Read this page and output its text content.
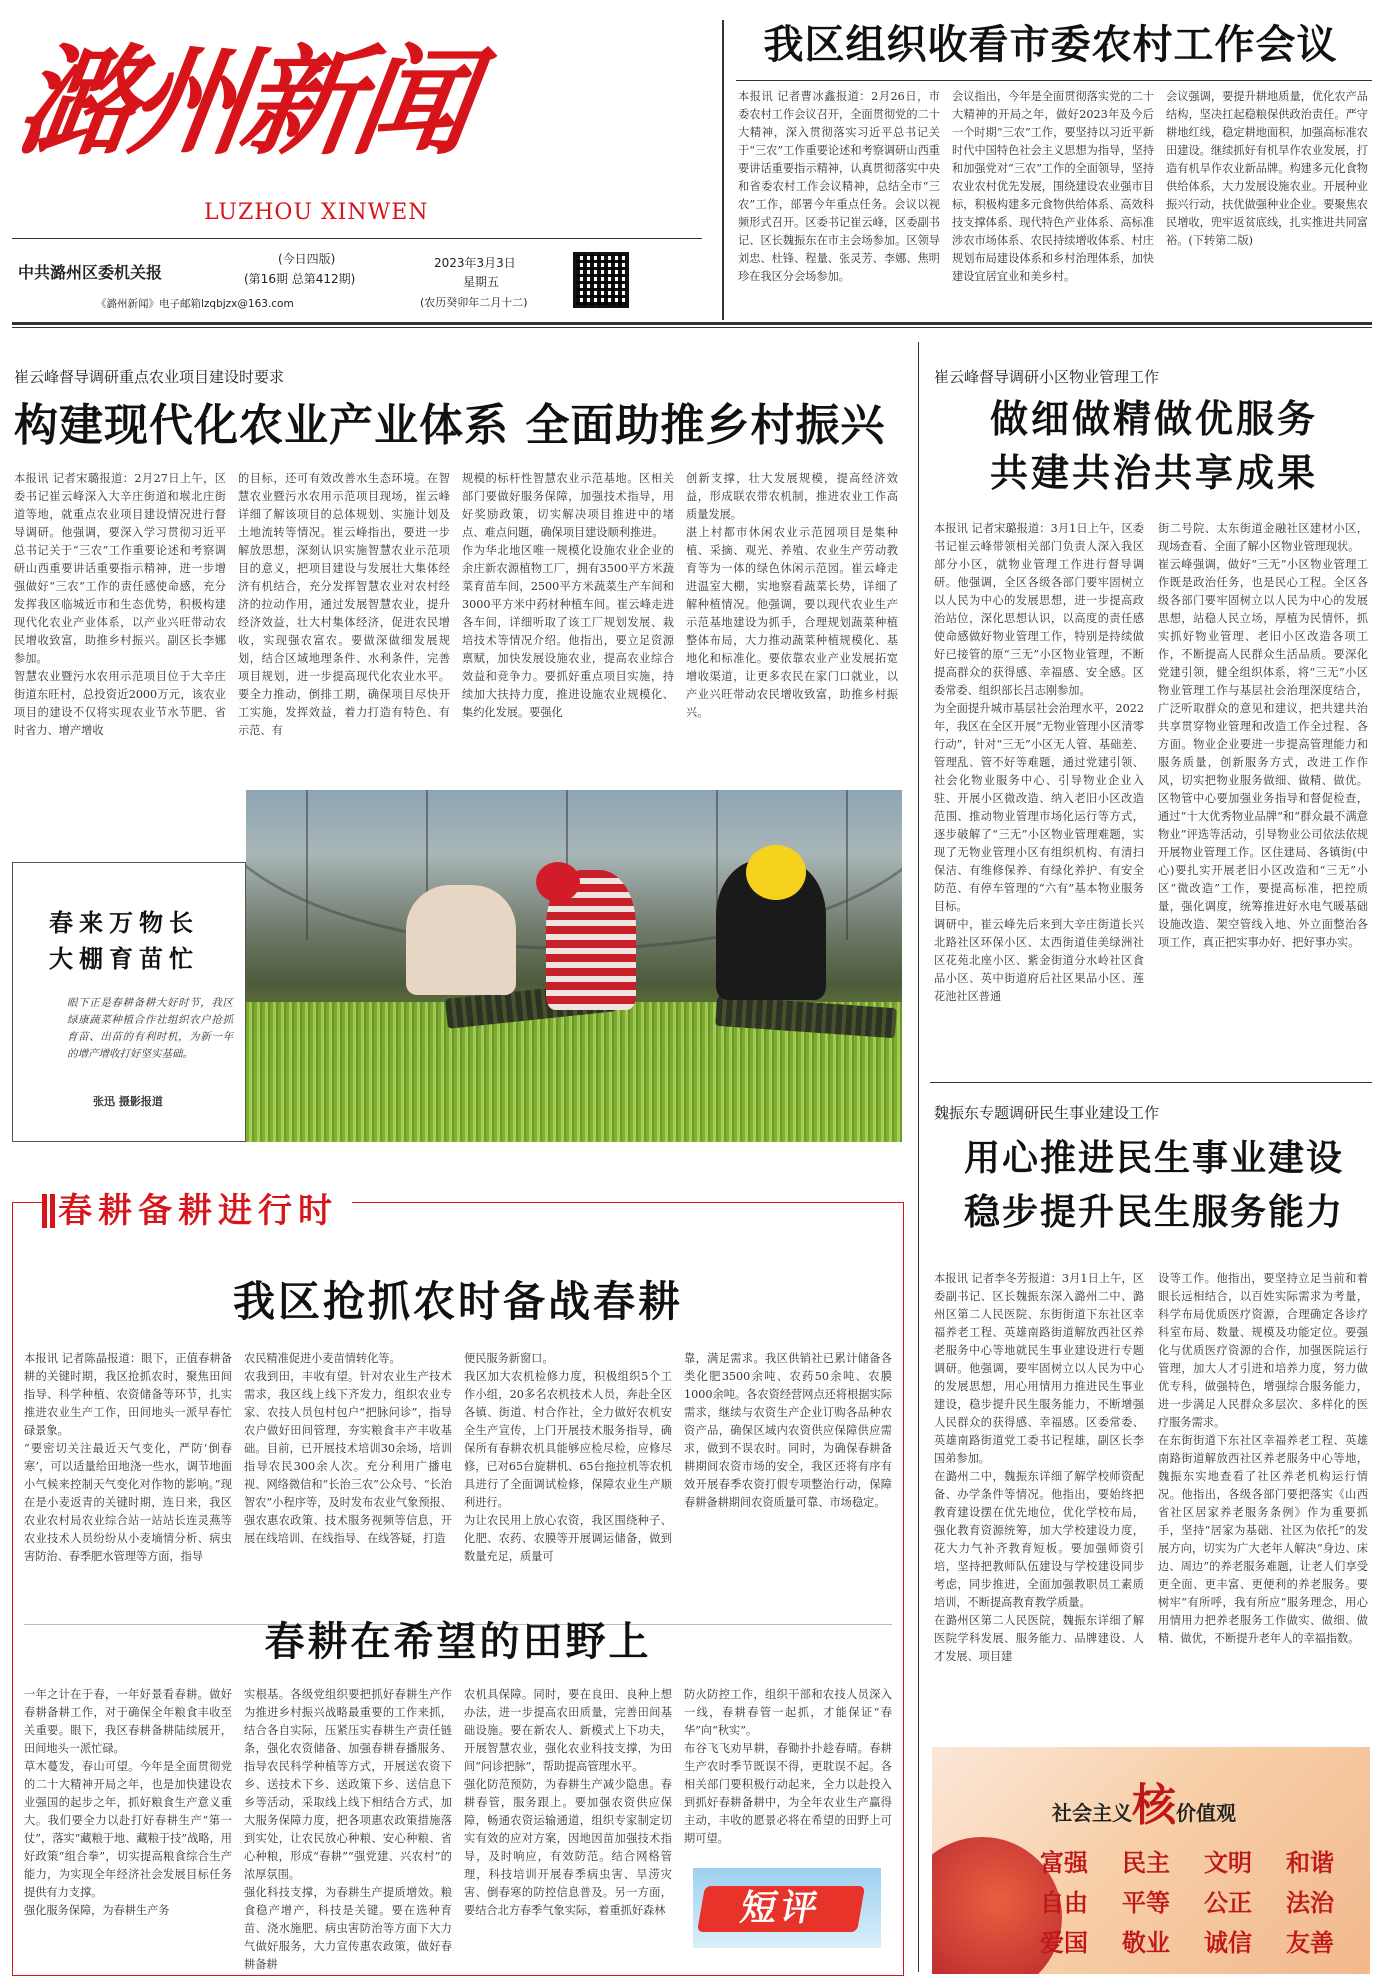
潞州新闻
LUZHOU XINWEN
中共潞州区委机关报
《潞州新闻》电子邮箱lzqbjzx@163.com
(今日四版)
(第16期 总第412期)
2023年3月3日
星期五
(农历癸卯年二月十二)
我区组织收看市委农村工作会议
本报讯 记者曹冰鑫报道：2月26日，市委农村工作会议召开，全面贯彻党的二十大精神，深入贯彻落实习近平总书记关于“三农”工作重要论述和考察调研山西重要讲话重要指示精神，认真贯彻落实中央和省委农村工作会议精神，总结全市“三农”工作，部署今年重点任务。会议以视频形式召开。区委书记崔云峰，区委副书记、区长魏振东在市主会场参加。区领导刘忠、杜锋、程量、张灵芳、李娜、焦明珍在我区分会场参加。
会议指出，今年是全面贯彻落实党的二十大精神的开局之年，做好2023年及今后一个时期“三农”工作，要坚持以习近平新时代中国特色社会主义思想为指导，坚持和加强党对“三农”工作的全面领导，坚持农业农村优先发展，围绕建设农业强市目标，积极构建多元食物供给体系、高效科技支撑体系、现代特色产业体系、高标准涉农市场体系、农民持续增收体系、村庄规划布局建设体系和乡村治理体系，加快建设宜居宜业和美乡村。
会议强调，要提升耕地质量，优化农产品结构，坚决扛起稳粮保供政治责任。严守耕地红线，稳定耕地面积，加强高标准农田建设。继续抓好有机旱作农业发展，打造有机旱作农业新品牌。构建多元化食物供给体系，大力发展设施农业。开展种业振兴行动，扶优做强种业企业。要聚焦农民增收，兜牢返贫底线，扎实推进共同富裕。(下转第二版)
崔云峰督导调研重点农业项目建设时要求
构建现代化农业产业体系 全面助推乡村振兴
本报讯 记者宋璐报道：2月27日上午，区委书记崔云峰深入大辛庄街道和堠北庄街道等地，就重点农业项目建设情况进行督导调研。他强调，要深入学习贯彻习近平总书记关于“三农”工作重要论述和考察调研山西重要讲话重要指示精神，进一步增强做好“三农”工作的责任感使命感，充分发挥我区临城近市和生态优势，积极构建现代化农业产业体系，以产业兴旺带动农民增收致富，助推乡村振兴。副区长李娜参加。
智慧农业暨污水农用示范项目位于大辛庄街道东旺村，总投资近2000万元，该农业项目的建设不仅将实现农业节水节肥、省时省力、增产增收
的目标，还可有效改善水生态环境。在智慧农业暨污水农用示范项目现场，崔云峰详细了解该项目的总体规划、实施计划及土地流转等情况。崔云峰指出，要进一步解放思想，深刻认识实施智慧农业示范项目的意义，把项目建设与发展壮大集体经济有机结合，充分发挥智慧农业对农村经济的拉动作用，通过发展智慧农业，提升经济效益，壮大村集体经济，促进农民增收，实现强农富农。要做深做细发展规划，结合区域地理条件、水利条件，完善项目规划，进一步提高现代化农业水平。要全力推动，倒排工期，确保项目尽快开工实施，发挥效益，着力打造有特色、有示范、有
规模的标杆性智慧农业示范基地。区相关部门要做好服务保障，加强技术指导，用好奖励政策，切实解决项目推进中的堵点、难点问题，确保项目建设顺利推进。
作为华北地区唯一规模化设施农业企业的余庄新农源植物工厂，拥有3500平方米蔬菜育苗车间，2500平方米蔬菜生产车间和3000平方米中药材种植车间。崔云峰走进各车间，详细听取了该工厂规划发展、栽培技术等情况介绍。他指出，要立足资源禀赋，加快发展设施农业，提高农业综合效益和竞争力。要抓好重点项目实施，持续加大扶持力度，推进设施农业规模化、集约化发展。要强化
创新支撑，壮大发展规模，提高经济效益，形成联农带农机制，推进农业工作高质量发展。
湛上村都市休闲农业示范园项目是集种植、采摘、观光、养殖、农业生产劳动教育等为一体的绿色休闲示范园。崔云峰走进温室大棚，实地察看蔬菜长势，详细了解种植情况。他强调，要以现代农业生产示范基地建设为抓手，合理规划蔬菜种植整体布局，大力推动蔬菜种植规模化、基地化和标准化。要依靠农业产业发展拓宽增收渠道，让更多农民在家门口就业，以产业兴旺带动农民增收致富，助推乡村振兴。
春来万物长
大棚育苗忙
眼下正是春耕备耕大好时节，我区绿康蔬菜种植合作社组织农户抢抓育苗、出苗的有利时机，为新一年的增产增收打好坚实基础。
张迅 摄影报道
崔云峰督导调研小区物业管理工作
做细做精做优服务
共建共治共享成果
本报讯 记者宋璐报道：3月1日上午，区委书记崔云峰带领相关部门负责人深入我区部分小区，就物业管理工作进行督导调研。他强调，全区各级各部门要牢固树立以人民为中心的发展思想，进一步提高政治站位，深化思想认识，以高度的责任感使命感做好物业管理工作，特别是持续做好已接管的原“三无”小区物业管理，不断提高群众的获得感、幸福感、安全感。区委常委、组织部长吕志刚参加。
为全面提升城市基层社会治理水平，2022年，我区在全区开展“无物业管理小区清零行动”，针对“三无”小区无人管、基础差、管理乱、管不好等难题，通过党建引领、社会化物业服务中心、引导物业企业入驻、开展小区微改造、纳入老旧小区改造范围、推动物业管理市场化运行等方式，逐步破解了“三无”小区物业管理难题，实现了无物业管理小区有组织机构、有清扫保洁、有维修保养、有绿化养护、有安全防范、有停车管理的“六有”基本物业服务目标。
调研中，崔云峰先后来到大辛庄街道长兴北路社区环保小区、太西街道佳美绿洲社区花苑北座小区、紫金街道分水岭社区食品小区、英中街道府后社区果品小区、莲花池社区普通
街二号院、太东街道金融社区建材小区，现场查看、全面了解小区物业管理现状。
崔云峰强调，做好“三无”小区物业管理工作既是政治任务，也是民心工程。全区各级各部门要牢固树立以人民为中心的发展思想，站稳人民立场，厚植为民情怀，抓实抓好物业管理、老旧小区改造各项工作，不断提高人民群众生活品质。要深化党建引领，健全组织体系，将“三无”小区物业管理工作与基层社会治理深度结合，广泛听取群众的意见和建议，把共建共治共享贯穿物业管理和改造工作全过程、各方面。物业企业要进一步提高管理能力和服务质量，创新服务方式，改进工作作风，切实把物业服务做细、做精、做优。区物管中心要加强业务指导和督促检查，通过“十大优秀物业品牌”和“群众最不满意物业”评选等活动，引导物业公司依法依规开展物业管理工作。区住建局、各镇街(中心)要扎实开展老旧小区改造和“三无”小区“微改造”工作，要提高标准，把控质量，强化调度，统筹推进好水电气暖基础设施改造、架空管线入地、外立面整治各项工作，真正把实事办好、把好事办实。
魏振东专题调研民生事业建设工作
用心推进民生事业建设
稳步提升民生服务能力
本报讯 记者李冬芳报道：3月1日上午，区委副书记、区长魏振东深入潞州二中、潞州区第二人民医院、东街街道下东社区幸福养老工程、英雄南路街道解放西社区养老服务中心等地就民生事业建设进行专题调研。他强调，要牢固树立以人民为中心的发展思想，用心用情用力推进民生事业建设，稳步提升民生服务能力，不断增强人民群众的获得感、幸福感。区委常委、英雄南路街道党工委书记程雄，副区长李国弟参加。
在潞州二中，魏振东详细了解学校师资配备、办学条件等情况。他指出，要始终把教育建设摆在优先地位，优化学校布局，强化教育资源统筹，加大学校建设力度，花大力气补齐教育短板。要加强师资引培，坚持把教师队伍建设与学校建设同步考虑，同步推进，全面加强教职员工素质培训，不断提高教育教学质量。
在潞州区第二人民医院，魏振东详细了解医院学科发展、服务能力、品牌建设、人才发展、项目建
设等工作。他指出，要坚持立足当前和着眼长远相结合，以百姓实际需求为考量，科学布局优质医疗资源，合理确定各诊疗科室布局、数量、规模及功能定位。要强化与优质医疗资源的合作，加强医院运行管理，加大人才引进和培养力度，努力做优专科，做强特色，增强综合服务能力，进一步满足人民群众多层次、多样化的医疗服务需求。
在东街街道下东社区幸福养老工程、英雄南路街道解放西社区养老服务中心等地，魏振东实地查看了社区养老机构运行情况。他指出，各级各部门要把落实《山西省社区居家养老服务条例》作为重要抓手，坚持“居家为基础、社区为依托”的发展方向，切实为广大老年人解决“身边、床边、周边”的养老服务难题，让老人们享受更全面、更丰富、更便利的养老服务。要树牢“有所呼，我有所应”服务理念，用心用情用力把养老服务工作做实、做细、做精、做优，不断提升老年人的幸福指数。
春耕备耕进行时
我区抢抓农时备战春耕
本报讯 记者陈晶报道：眼下，正值春耕备耕的关键时期，我区抢抓农时，聚焦田间指导、科学种植、农资储备等环节，扎实推进农业生产工作，田间地头一派早春忙碌景象。
“要密切关注最近天气变化，严防‘倒春寒’，可以适量给田地浇一些水，调节地面小气候来控制天气变化对作物的影响。”现在是小麦返青的关键时期，连日来，我区农业农村局农业综合站一站站长连灵燕等农业技术人员纷纷从小麦墒情分析、病虫害防治、春季肥水管理等方面，指导
农民精准促进小麦苗情转化等。
农我到田，丰收有望。针对农业生产技术需求，我区线上线下齐发力，组织农业专家、农技人员包村包户“把脉问诊”，指导农户做好田间管理，夯实粮食丰产丰收基础。目前，已开展技术培训30余场，培训指导农民300余人次。充分利用广播电视、网络微信和“长治三农”公众号、“长治智农”小程序等，及时发布农业气象预报、强农惠农政策、技术服务视频等信息，开展在线培训、在线指导、在线答疑，打造
便民服务新窗口。
我区加大农机检修力度，积极组织5个工作小组，20多名农机技术人员，奔赴全区各镇、街道、村合作社，全力做好农机安全生产宣传，上门开展技术服务指导，确保所有春耕农机具能够应检尽检，应修尽修，已对65台旋耕机、65台拖拉机等农机具进行了全面调试检修，保障农业生产顺利进行。
为让农民用上放心农资，我区围绕种子、化肥、农药、农膜等开展调运储备，做到数量充足，质量可
靠，满足需求。我区供销社已累计储备各类化肥3500余吨、农药50余吨、农膜1000余吨。各农资经营网点还将根据实际需求，继续与农资生产企业订购各品种农资产品，确保区域内农资供应保障供应需求，做到不误农时。同时，为确保春耕备耕期间农资市场的安全，我区还将有序有效开展春季农资打假专项整治行动，保障春耕备耕期间农资质量可靠、市场稳定。
春耕在希望的田野上
一年之计在于春，一年好景看春耕。做好春耕备耕工作，对于确保全年粮食丰收至关重要。眼下，我区春耕备耕陆续展开，田间地头一派忙碌。
草木蔓发，春山可望。今年是全面贯彻党的二十大精神开局之年，也是加快建设农业强国的起步之年，抓好粮食生产意义重大。我们要全力以赴打好春耕生产“第一仗”，落实“藏粮于地、藏粮于技”战略，用好政策“组合拳”，切实提高粮食综合生产能力，为实现全年经济社会发展目标任务提供有力支撑。
强化服务保障，为春耕生产务
实根基。各级党组织要把抓好春耕生产作为推进乡村振兴战略最重要的工作来抓，结合各自实际，压紧压实春耕生产责任链条，强化农资储备、加强春耕春播服务、指导农民科学种植等方式，开展送农资下乡、送技术下乡、送政策下乡、送信息下乡等活动，采取线上线下相结合方式，加大服务保障力度，把各项惠农政策措施落到实处，让农民放心种粮、安心种粮、省心种粮，形成“春耕”“强党建、兴农村”的浓厚氛围。
强化科技支撑，为春耕生产提质增效。粮食稳产增产，科技是关键。要在选种育苗、浇水施肥、病虫害防治等方面下大力气做好服务，大力宣传惠农政策，做好春耕备耕
农机具保障。同时，要在良田、良种上想办法，进一步提高农田质量，完善田间基础设施。要在新农人、新模式上下功夫，开展智慧农业，强化农业科技支撑，为田间“问诊把脉”，帮助提高管理水平。
强化防范预防，为春耕生产减少隐患。春耕春管，服务跟上。要加强农资供应保障，畅通农资运输通道，组织专家制定切实有效的应对方案，因地因苗加强技术指导，及时响应，有效防范。结合网格管理，科技培训开展春季病虫害、旱涝灾害、倒春寒的防控信息普及。另一方面，要结合北方春季气象实际，着重抓好森林
防火防控工作，组织干部和农技人员深入一线，春耕春管一起抓，才能保证“春华”向“秋实”。
布谷飞飞劝早耕，春锄扑扑趁春晴。春耕生产农时季节既误不得，更耽误不起。各相关部门要积极行动起来，全力以赴投入到抓好春耕备耕中，为全年农业生产赢得主动，丰收的愿景必将在希望的田野上可期可望。
短评
社会主义核价值观
富强 民主 文明 和谐
自由 平等 公正 法治
爱国 敬业 诚信 友善
